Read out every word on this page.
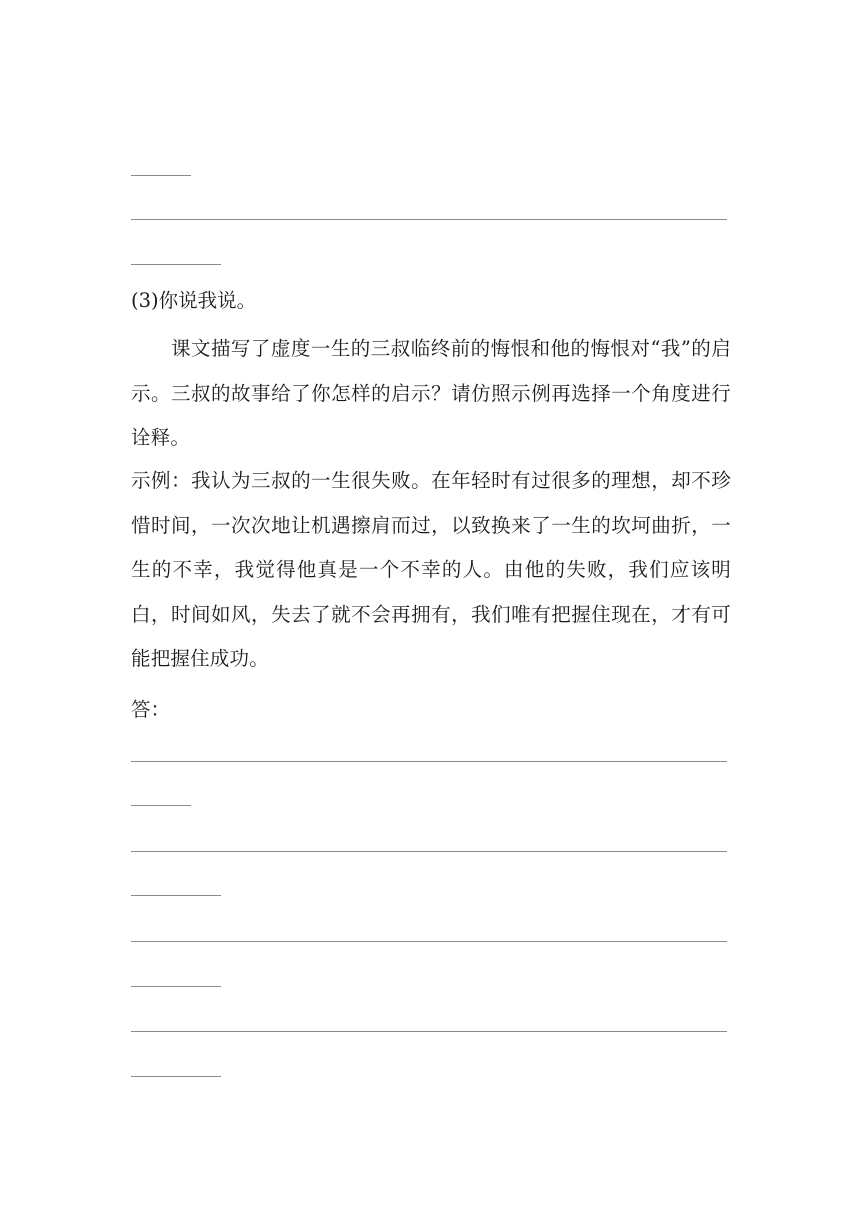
(3)你说我说。
课文描写了虚度一生的三叔临终前的悔恨和他的悔恨对“我”的启示。三叔的故事给了你怎样的启示？请仿照示例再选择一个角度进行诠释。
示例：我认为三叔的一生很失败。在年轻时有过很多的理想，却不珍惜时间，一次次地让机遇擦肩而过，以致换来了一生的坎坷曲折，一生的不幸，我觉得他真是一个不幸的人。由他的失败，我们应该明白，时间如风，失去了就不会再拥有，我们唯有把握住现在，才有可能把握住成功。
答：
